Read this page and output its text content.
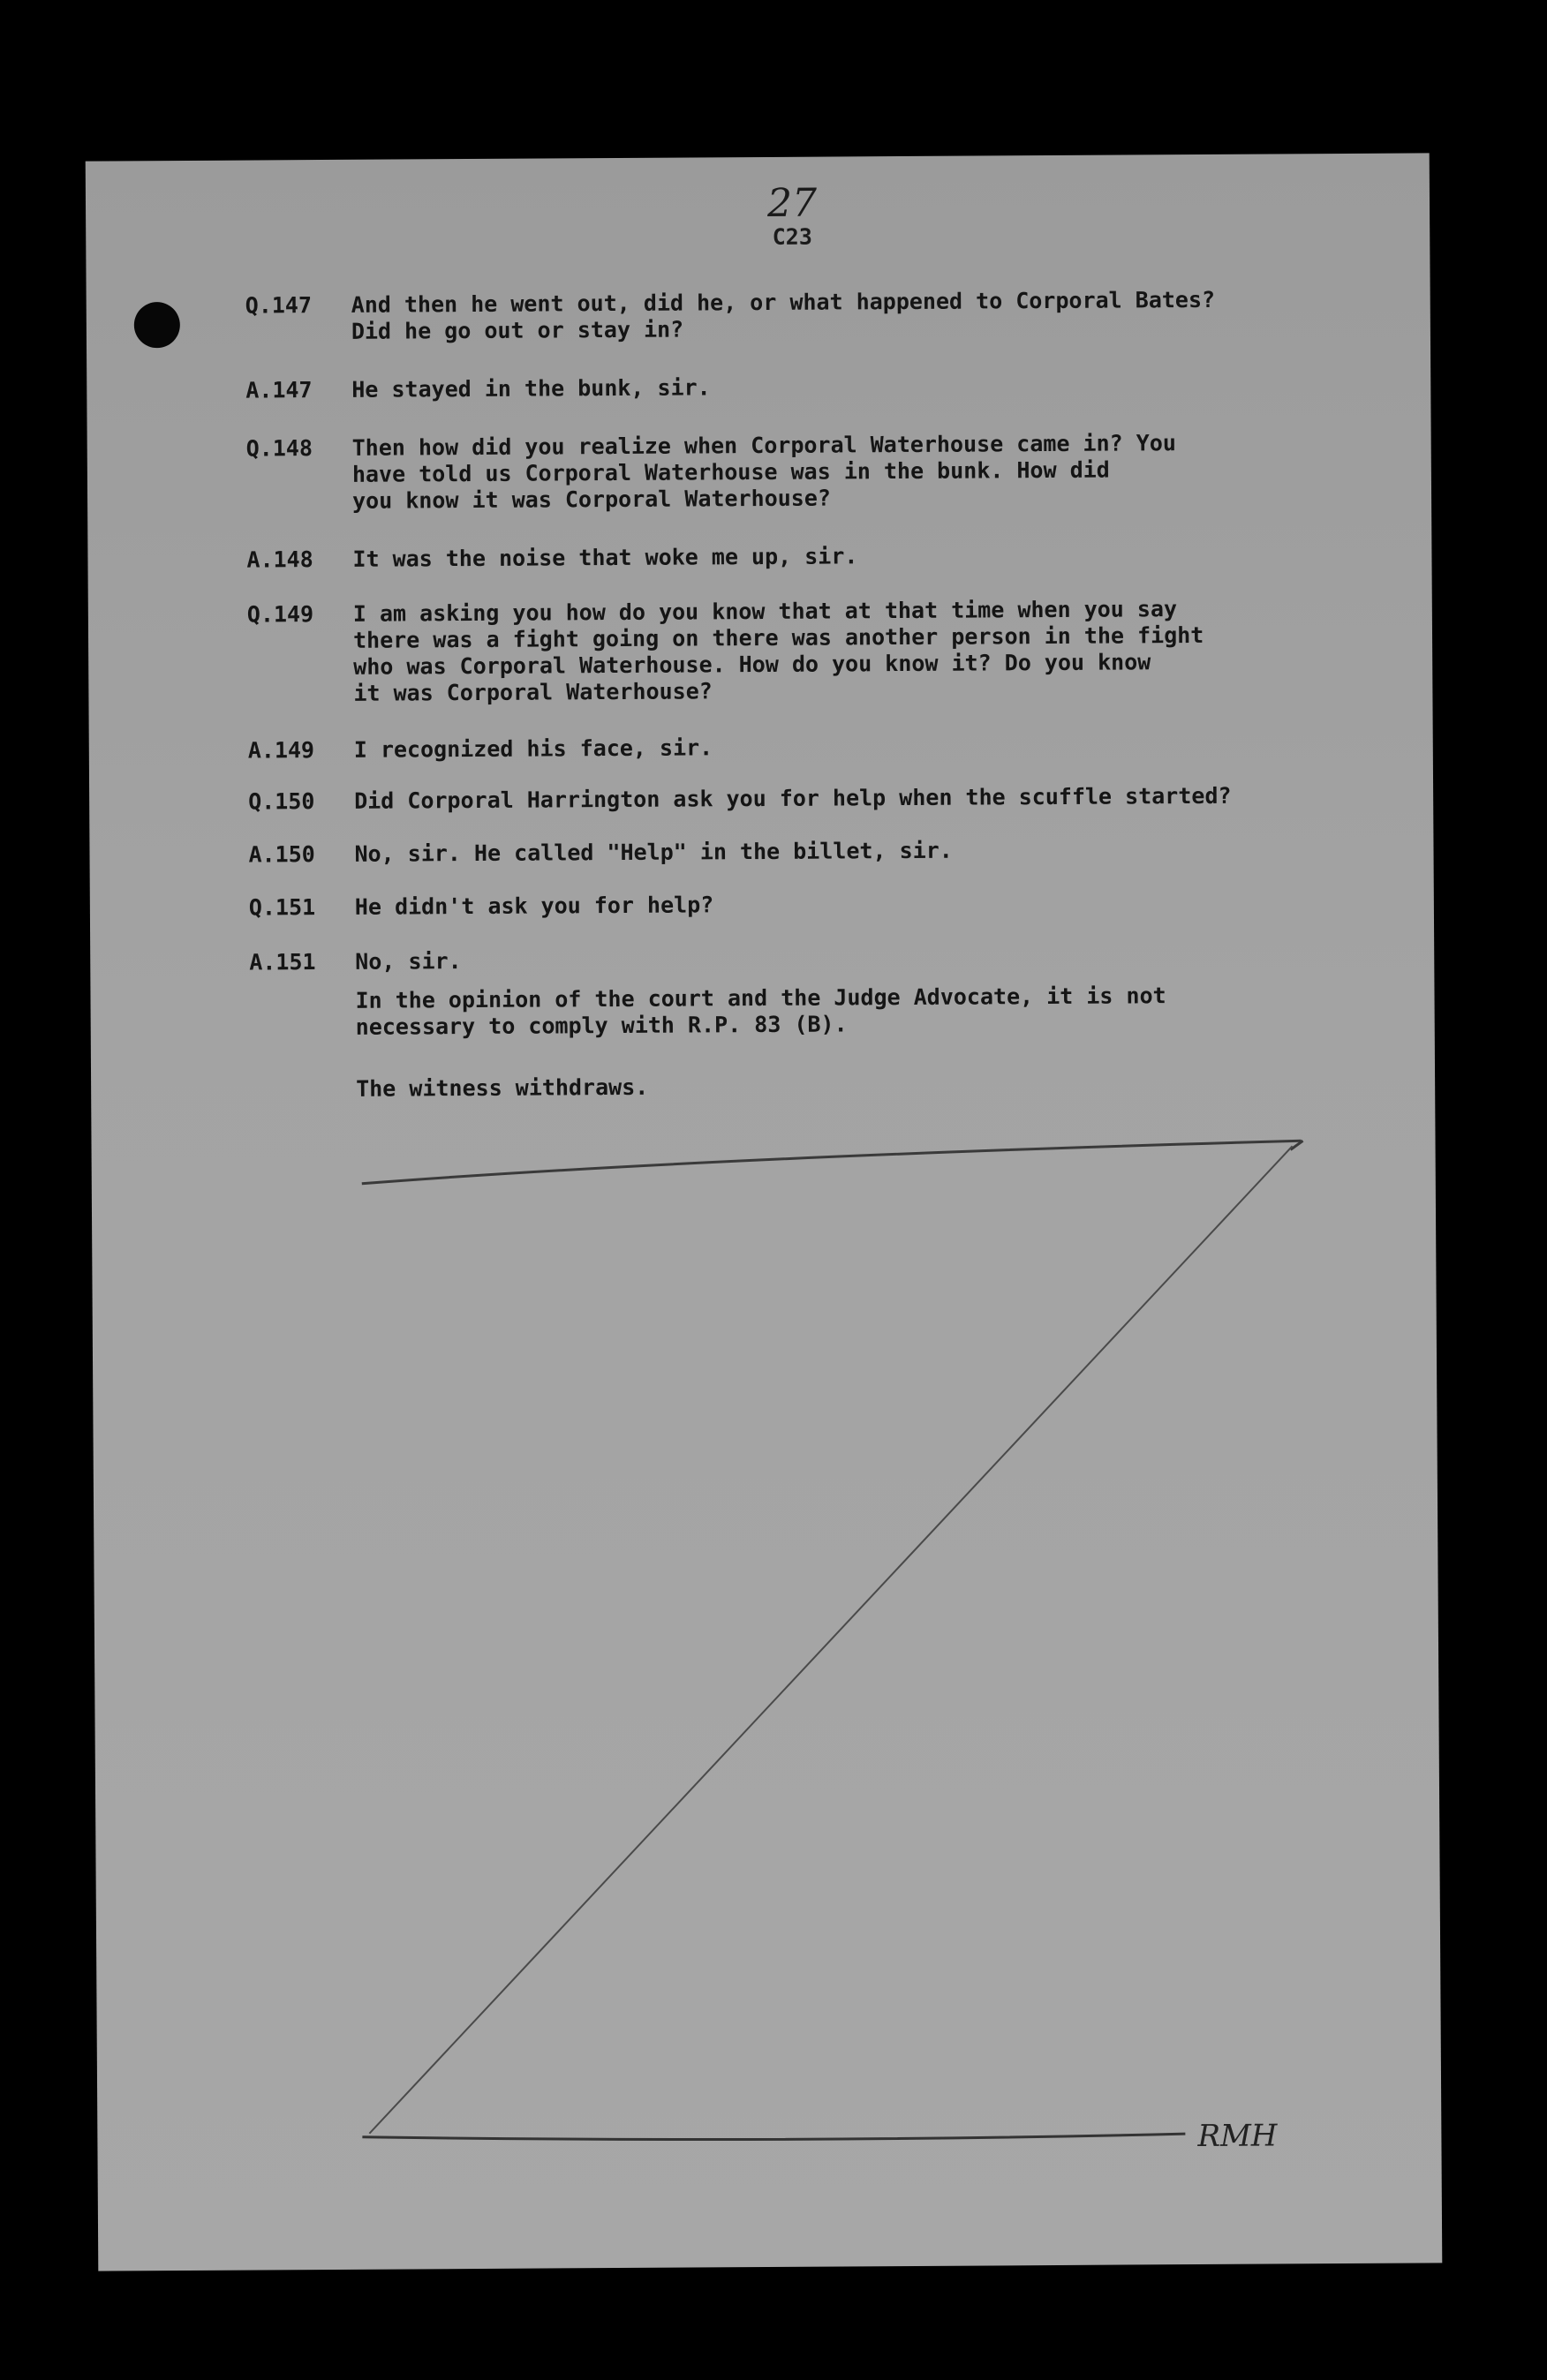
27
C23
Q.147	And then he went out, did he, or what happened to Corporal Bates?
Did he go out or stay in?
A.147	He stayed in the bunk, sir.
Q.148	Then how did you realize when Corporal Waterhouse came in? You
have told us Corporal Waterhouse was in the bunk. How did
you know it was Corporal Waterhouse?
A.148	It was the noise that woke me up, sir.
Q.149	I am asking you how do you know that at that time when you say
there was a fight going on there was another person in the fight
who was Corporal Waterhouse. How do you know it? Do you know
it was Corporal Waterhouse?
A.149	I recognized his face, sir.
Q.150	Did Corporal Harrington ask you for help when the scuffle started?
A.150	No, sir. He called "Help" in the billet, sir.
Q.151	He didn't ask you for help?
A.151	No, sir.
In the opinion of the court and the Judge Advocate, it is not
necessary to comply with R.P. 83 (B).
The witness withdraws.
RMH
